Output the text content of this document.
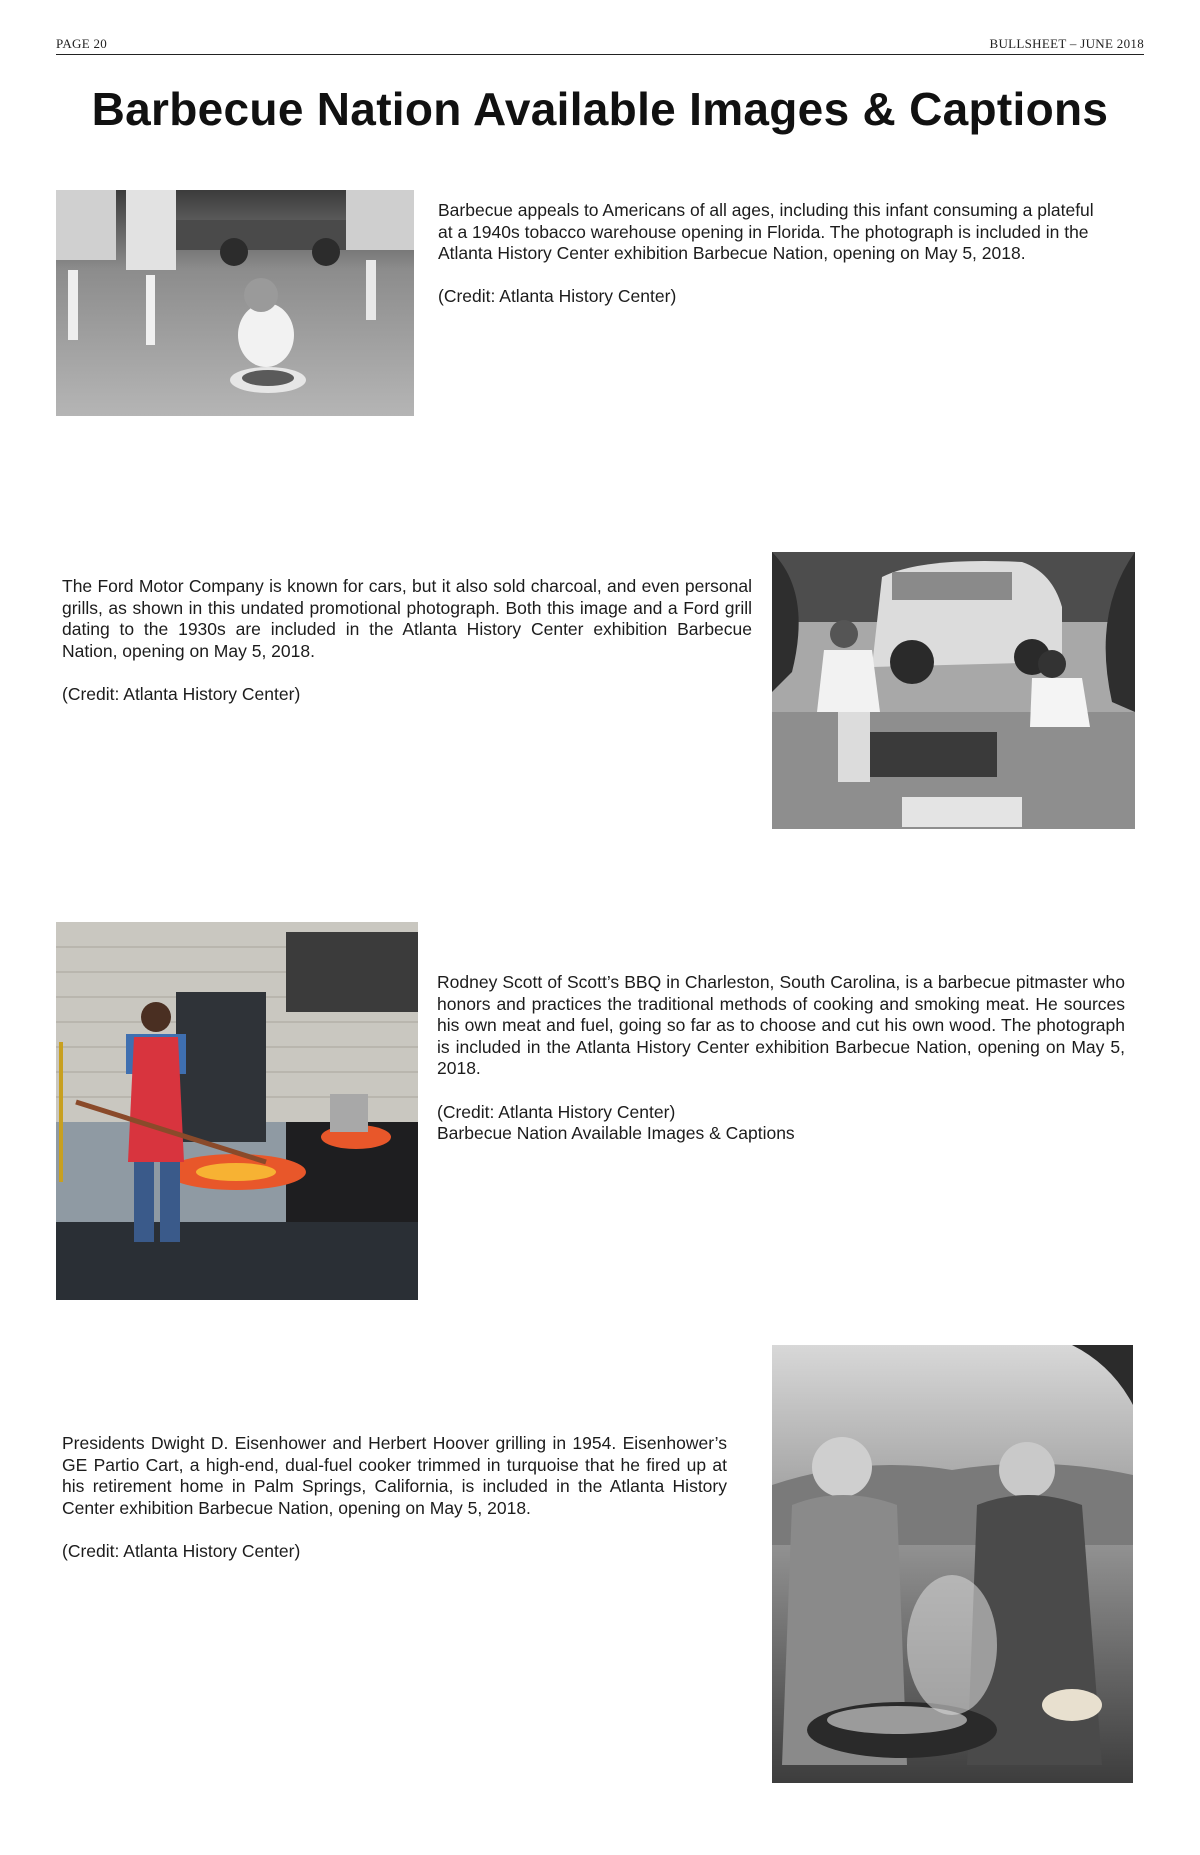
PAGE 20	BULLSHEET – JUNE 2018
Barbecue Nation Available Images & Captions

Barbecue appeals to Americans of all ages, including this infant consuming a plateful at a 1940s tobacco warehouse opening in Florida. The photograph is included in the Atlanta History Center exhibition Barbecue Nation, opening on May 5, 2018.

(Credit: Atlanta History Center)

The Ford Motor Company is known for cars, but it also sold charcoal, and even personal grills, as shown in this undated promotional photograph. Both this image and a Ford grill dating to the 1930s are included in the Atlanta History Center exhibition Barbecue Nation, opening on May 5, 2018.

(Credit: Atlanta History Center)

Rodney Scott of Scott’s BBQ in Charleston, South Carolina, is a barbecue pitmaster who honors and practices the traditional methods of cooking and smoking meat. He sources his own meat and fuel, going so far as to choose and cut his own wood. The photograph is included in the Atlanta History Center exhibition Barbecue Nation, opening on May 5, 2018.

(Credit: Atlanta History Center)
Barbecue Nation Available Images & Captions

Presidents Dwight D. Eisenhower and Herbert Hoover grilling in 1954. Eisenhower’s GE Partio Cart, a high-end, dual-fuel cooker trimmed in turquoise that he fired up at his retirement home in Palm Springs, California, is included in the Atlanta History Center exhibition Barbecue Nation, opening on May 5, 2018.

(Credit: Atlanta History Center)
